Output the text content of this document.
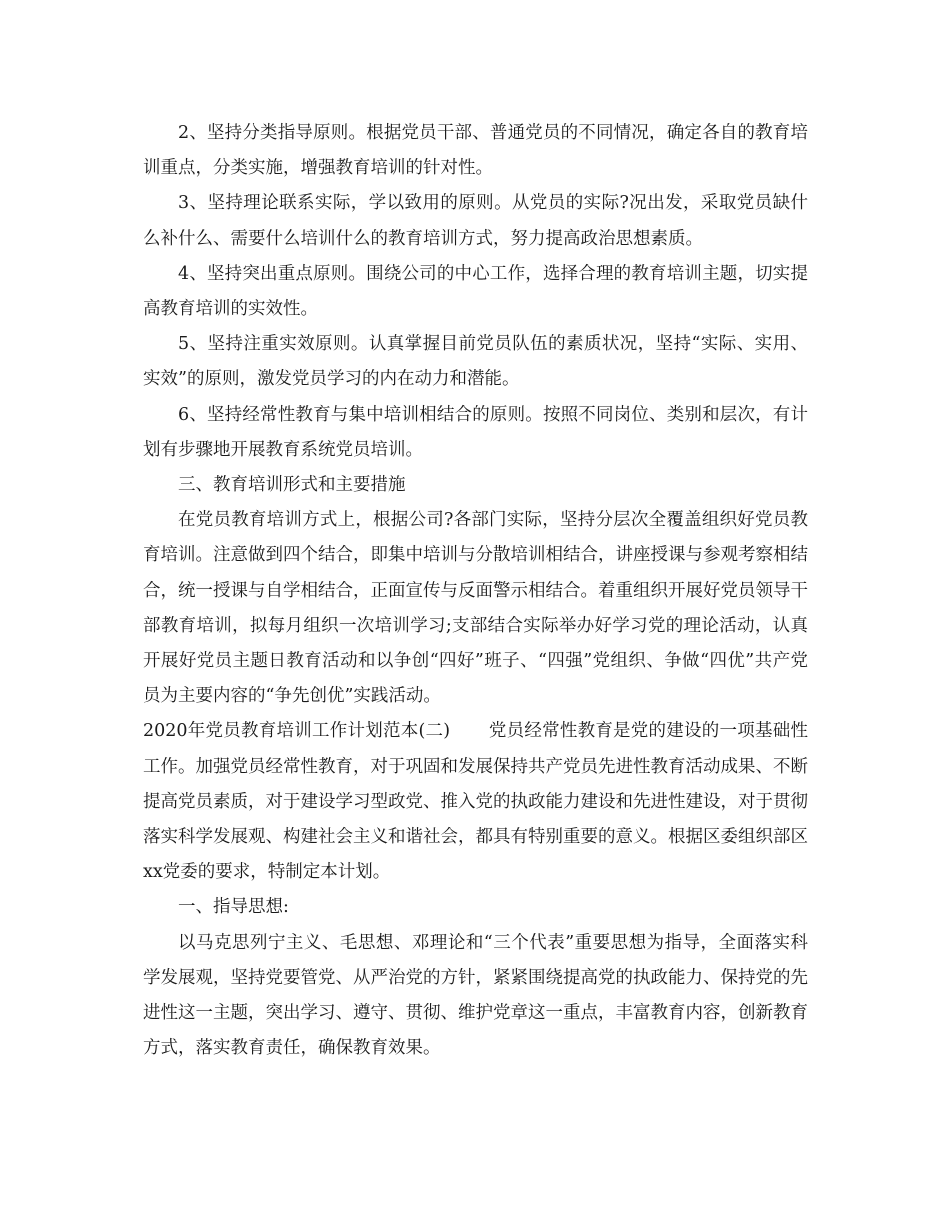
2、坚持分类指导原则。根据党员干部、普通党员的不同情况，确定各自的教育培训重点，分类实施，增强教育培训的针对性。

3、坚持理论联系实际，学以致用的原则。从党员的实际?况出发，采取党员缺什么补什么、需要什么培训什么的教育培训方式，努力提高政治思想素质。

4、坚持突出重点原则。围绕公司的中心工作，选择合理的教育培训主题，切实提高教育培训的实效性。

5、坚持注重实效原则。认真掌握目前党员队伍的素质状况，坚持“实际、实用、实效”的原则，激发党员学习的内在动力和潜能。

6、坚持经常性教育与集中培训相结合的原则。按照不同岗位、类别和层次，有计划有步骤地开展教育系统党员培训。

三、教育培训形式和主要措施

在党员教育培训方式上，根据公司?各部门实际，坚持分层次全覆盖组织好党员教育培训。注意做到四个结合，即集中培训与分散培训相结合，讲座授课与参观考察相结合，统一授课与自学相结合，正面宣传与反面警示相结合。着重组织开展好党员领导干部教育培训，拟每月组织一次培训学习;支部结合实际举办好学习党的理论活动，认真开展好党员主题日教育活动和以争创“四好”班子、“四强”党组织、争做“四优”共产党员为主要内容的“争先创优”实践活动。

2020年党员教育培训工作计划范本(二) 党员经常性教育是党的建设的一项基础性工作。加强党员经常性教育，对于巩固和发展保持共产党员先进性教育活动成果、不断提高党员素质，对于建设学习型政党、推入党的执政能力建设和先进性建设，对于贯彻落实科学发展观、构建社会主义和谐社会，都具有特别重要的意义。根据区委组织部区xx党委的要求，特制定本计划。

一、指导思想:

以马克思列宁主义、毛思想、邓理论和“三个代表”重要思想为指导，全面落实科学发展观，坚持党要管党、从严治党的方针，紧紧围绕提高党的执政能力、保持党的先进性这一主题，突出学习、遵守、贯彻、维护党章这一重点，丰富教育内容，创新教育方式，落实教育责任，确保教育效果。
